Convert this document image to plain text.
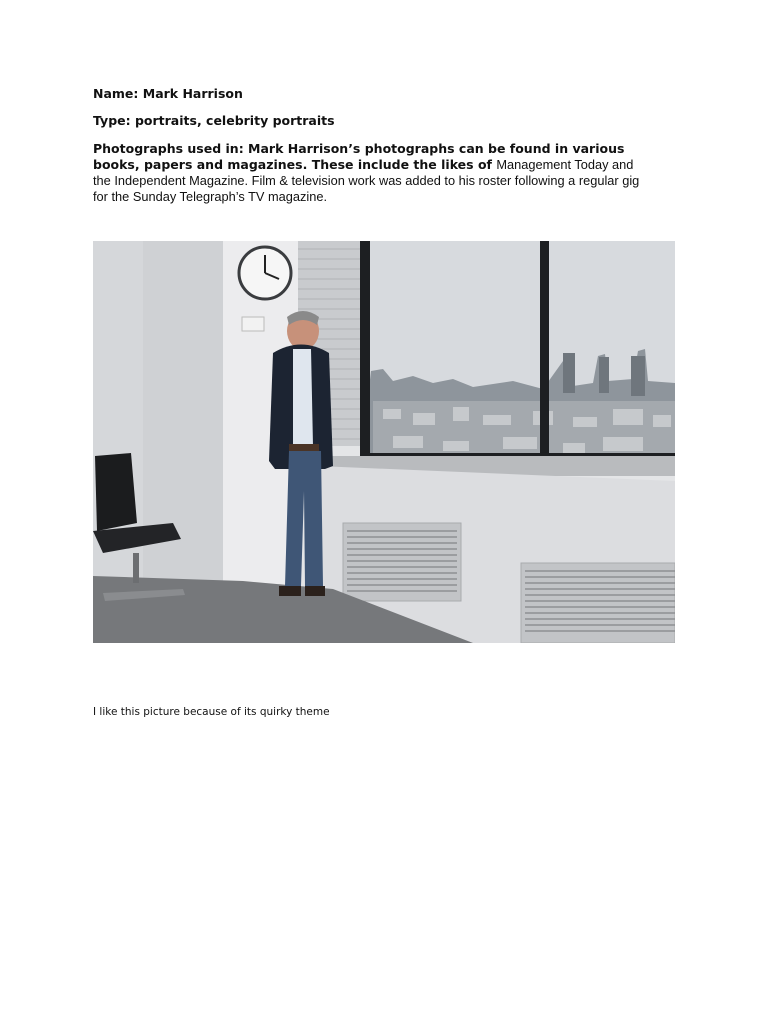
Name: Mark Harrison
Type: portraits, celebrity portraits
Photographs used in: Mark Harrison’s photographs can be found in various books, papers and magazines. These include the likes of Management Today and the Independent Magazine. Film & television work was added to his roster following a regular gig for the Sunday Telegraph’s TV magazine.
I like this picture because of its quirky theme
